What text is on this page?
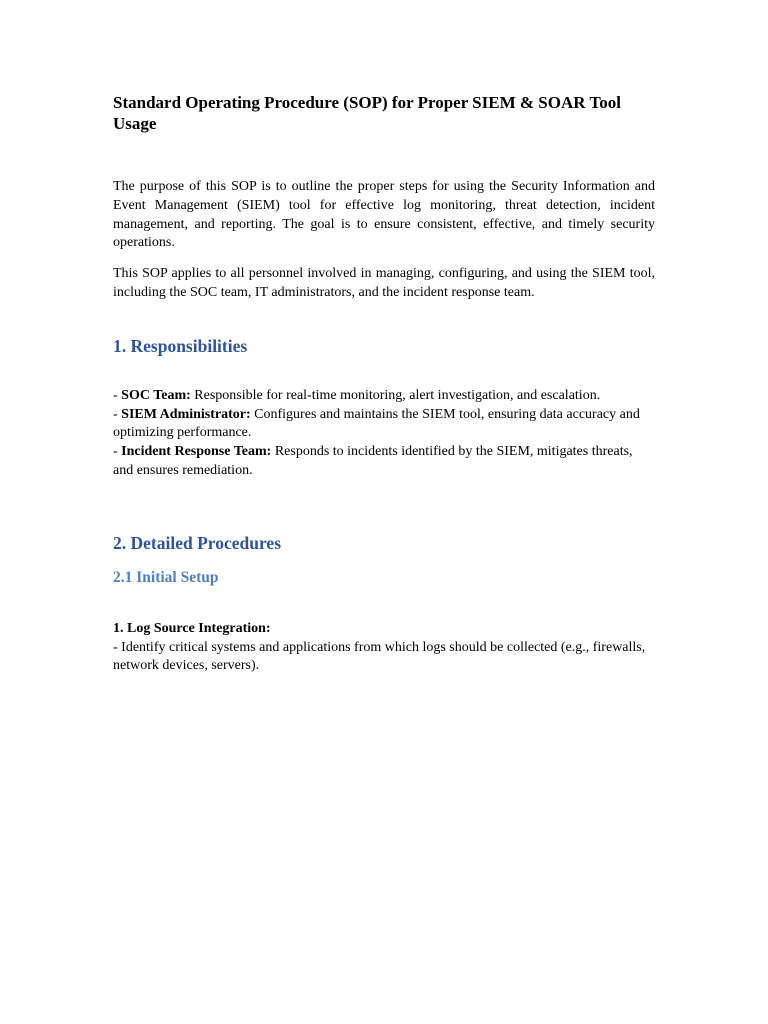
Standard Operating Procedure (SOP) for Proper SIEM & SOAR Tool Usage

The purpose of this SOP is to outline the proper steps for using the Security Information and Event Management (SIEM) tool for effective log monitoring, threat detection, incident management, and reporting. The goal is to ensure consistent, effective, and timely security operations.

This SOP applies to all personnel involved in managing, configuring, and using the SIEM tool, including the SOC team, IT administrators, and the incident response team.

1. Responsibilities

- SOC Team: Responsible for real-time monitoring, alert investigation, and escalation.

- SIEM Administrator: Configures and maintains the SIEM tool, ensuring data accuracy and optimizing performance.

- Incident Response Team: Responds to incidents identified by the SIEM, mitigates threats, and ensures remediation.

2. Detailed Procedures
2.1 Initial Setup

1. Log Source Integration:

- Identify critical systems and applications from which logs should be collected (e.g., firewalls, network devices, servers).
